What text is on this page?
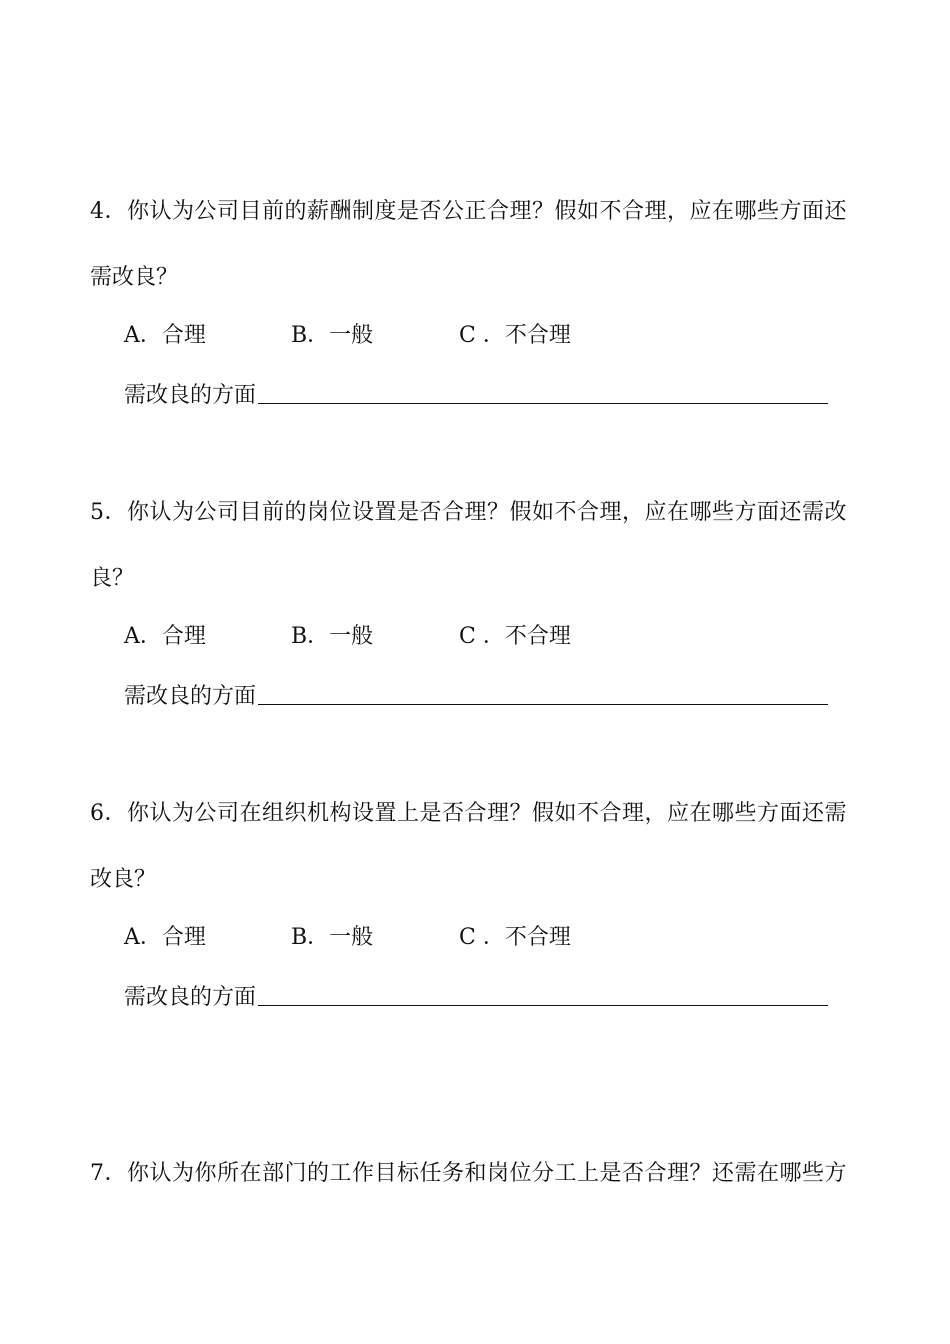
4．你认为公司目前的薪酬制度是否公正合理？假如不合理，应在哪些方面还
需改良？
A．合理	B．一般	C ．不合理
需改良的方面
5．你认为公司目前的岗位设置是否合理？假如不合理，应在哪些方面还需改
良？
A．合理	B．一般	C ．不合理
需改良的方面
6．你认为公司在组织机构设置上是否合理？假如不合理，应在哪些方面还需
改良？
A．合理	B．一般	C ．不合理
需改良的方面
7．你认为你所在部门的工作目标任务和岗位分工上是否合理？还需在哪些方
